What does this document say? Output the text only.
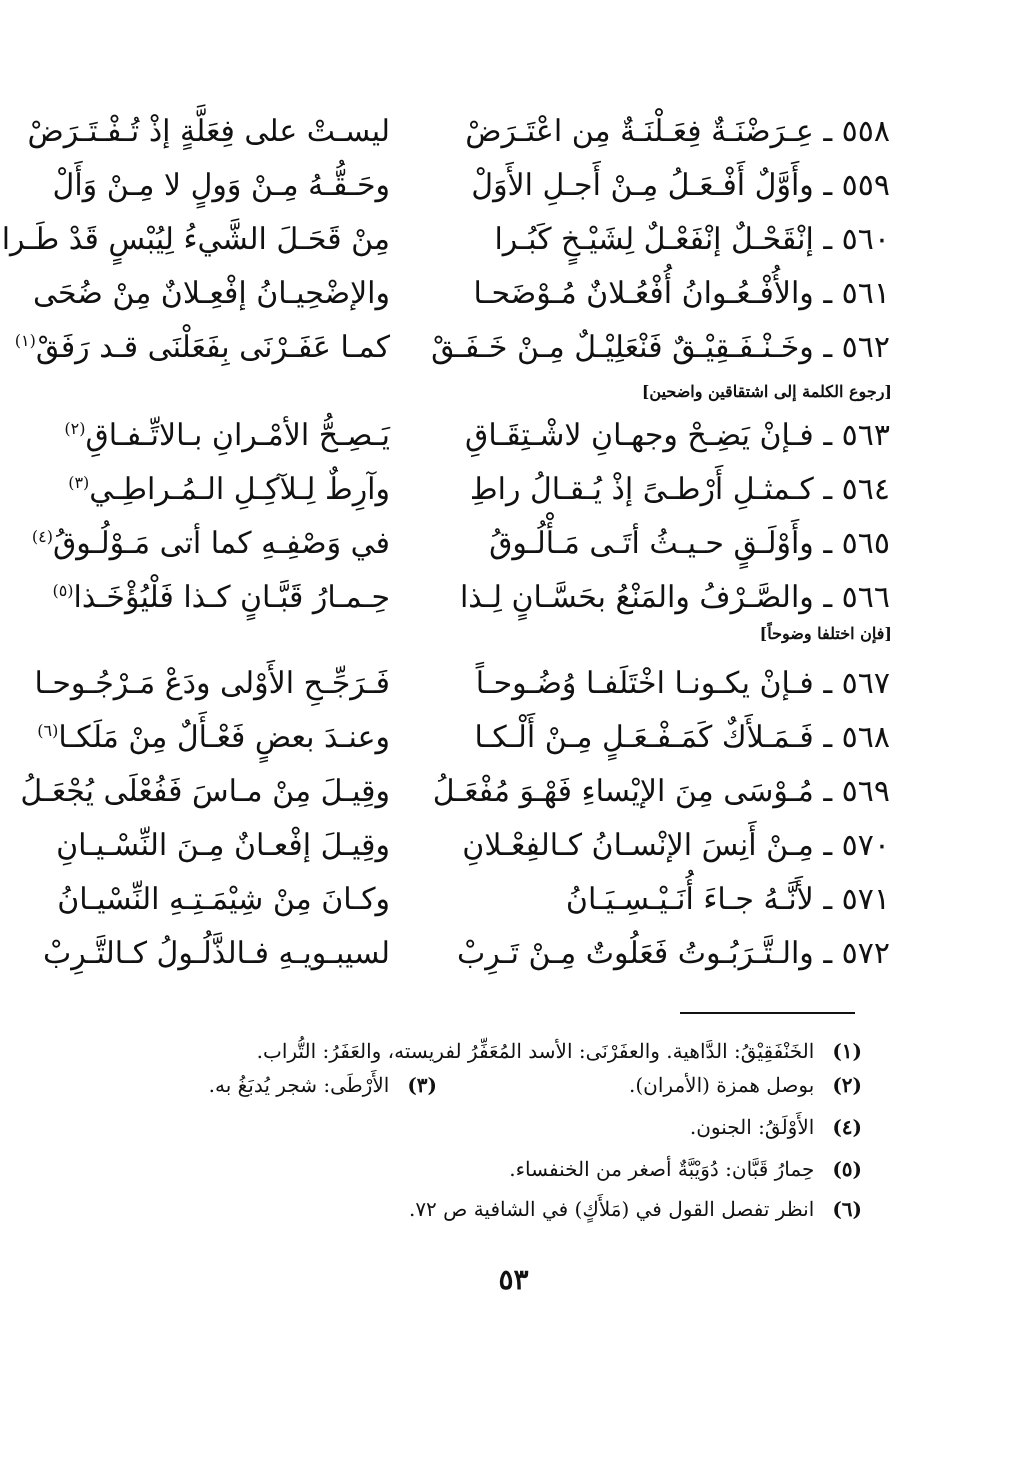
٥٥٨ ـ عِـرَضْنَـةٌ فِعَـلْنَـةٌ مِن اعْتَـرَضْ
ليسـتْ على فِعَلَّةٍ إذْ تُـفْـتَـرَضْ
٥٥٩ ـ وأَوَّلٌ أَفْـعَـلُ مِـنْ أَجـلِ الأَوَلْ
وحَـقُّـهُ مِـنْ وَولٍ لا مِـنْ وَأَلْ
٥٦٠ ـ إنْقَحْـلٌ إنْفَعْـلٌ لِشَيْـخٍ كَبُـرا
مِنْ قَحَـلَ الشَّيءُ لِيُبْسٍ قَدْ طَـرا
٥٦١ ـ والأُفْـعُـوانُ أُفْعُـلانٌ مُـوْضَحـا
والإضْحِيـانُ إفْعِـلانٌ مِنْ ضُحَى
٥٦٢ ـ وخَـنْـفَـقِيْـقٌ فَنْعَلِيْـلٌ مِـنْ خَـفَـقْ
كمـا عَفَـرْنَى بِفَعَلْنَى قـد رَفَقْ$^{(١)}$
[رجوع الكلمة إلى اشتقاقين واضحين]
٥٦٣ ـ فـإنْ يَضِـحْ وجهـانِ لاشْـتِقَـاقِ
يَـصِـحُّ الأمْـرانِ بـالاتِّـفـاقِ$^{(٢)}$
٥٦٤ ـ كـمثـلِ أَرْطـىً إذْ يُـقـالُ راطِ
وآرِطٌ لِـلآكِـلِ الـمُـراطِـي$^{(٣)}$
٥٦٥ ـ وأَوْلَـقٍ حـيـثُ أتَـى مَـأْلُـوقُ
في وَصْفِـهِ كما أتى مَـوْلُـوقُ$^{(٤)}$
٥٦٦ ـ والصَّـرْفُ والمَنْعُ بحَسَّـانٍ لِـذا
حِـمـارُ قَبَّـانٍ كـذا فَلْيُؤْخَـذا$^{(٥)}$
[فإن اختلفا وضوحاً]
٥٦٧ ـ فـإنْ يكـونـا اخْتَلَفـا وُضُـوحـاً
فَـرَجِّـحِ الأَوْلى ودَعْ مَـرْجُـوحـا
٥٦٨ ـ فَـمَـلأَكٌ كَمَـفْـعَـلٍ مِـنْ أَلْـكـا
وعنـدَ بعضٍ فَعْـأَلٌ مِنْ مَلَكـا$^{(٦)}$
٥٦٩ ـ مُـوْسَى مِنَ الإيْساءِ فَهْـوَ مُفْعَـلُ
وقِيـلَ مِنْ مـاسَ فَفُعْلَى يُجْعَـلُ
٥٧٠ ـ مِـنْ أَنِسَ الإنْسـانُ كـالفِعْـلانِ
وقِيـلَ إفْعـانٌ مِـنَ النِّسْـيـانِ
٥٧١ ـ لأَنَّـهُ جـاءَ أُنَـيْـسِـيَـانُ
وكـانَ مِنْ شِيْمَـتِـهِ النِّسْيـانُ
٥٧٢ ـ والـتَّـرَبُـوتُ فَعَلُوتٌ مِـنْ تَـرِبْ
لسيبـويـهِ فـالذَّلُـولُ كـالتَّـرِبْ
(١)الخَنْفَقِيْقُ: الدَّاهية. والعفَرْنَى: الأسد المُعَفِّرُ لفريسته، والعَفَرُ: التُّراب.
(٢)بوصل همزة (الأمران).
(٣)الأَرْطَى: شجر يُدبَغُ به.
(٤)الأَوْلَقُ: الجنون.
(٥)حِمارُ قَبَّان: دُوَيْبَّةٌ أصغر من الخنفساء.
(٦)انظر تفصل القول في (مَلأَكٍ) في الشافية ص ٧٢.
٥٣
